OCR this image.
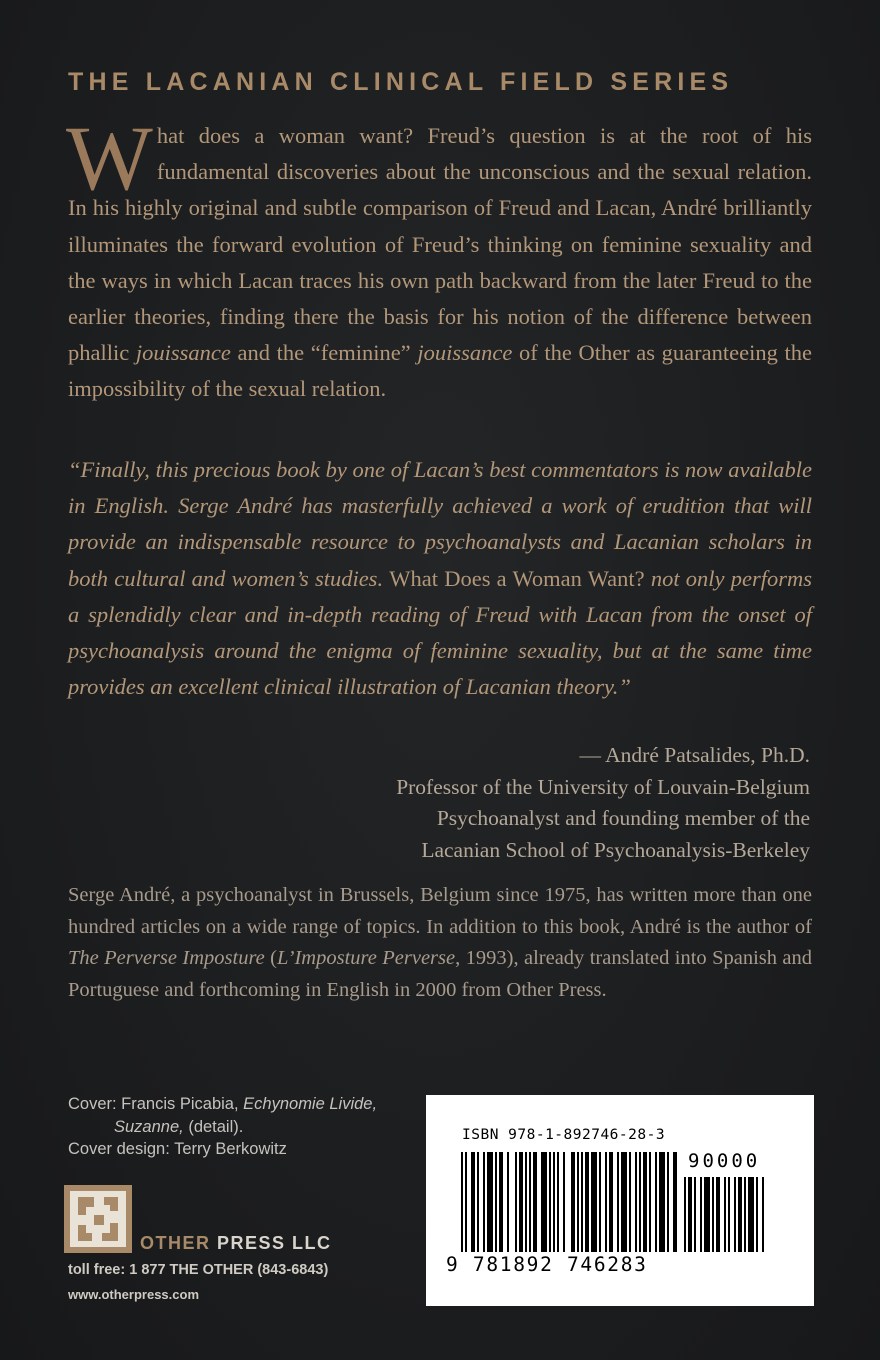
THE LACANIAN CLINICAL FIELD SERIES

What does a woman want? Freud’s question is at the root of his fundamental discoveries about the unconscious and the sexual relation. In his highly original and subtle comparison of Freud and Lacan, André brilliantly illuminates the forward evolution of Freud’s thinking on feminine sexuality and the ways in which Lacan traces his own path backward from the later Freud to the earlier theories, finding there the basis for his notion of the difference between phallic jouissance and the “feminine” jouissance of the Other as guaranteeing the impossibility of the sexual relation.

“Finally, this precious book by one of Lacan’s best commentators is now available in English. Serge André has masterfully achieved a work of erudition that will provide an indispensable resource to psychoanalysts and Lacanian scholars in both cultural and women’s studies. What Does a Woman Want? not only performs a splendidly clear and in-depth reading of Freud with Lacan from the onset of psychoanalysis around the enigma of feminine sexuality, but at the same time provides an excellent clinical illustration of Lacanian theory.”

— André Patsalides, Ph.D.
Professor of the University of Louvain-Belgium
Psychoanalyst and founding member of the
Lacanian School of Psychoanalysis-Berkeley

Serge André, a psychoanalyst in Brussels, Belgium since 1975, has written more than one hundred articles on a wide range of topics. In addition to this book, André is the author of The Perverse Imposture (L’Imposture Perverse, 1993), already translated into Spanish and Portuguese and forthcoming in English in 2000 from Other Press.

Cover: Francis Picabia, Echynomie Livide,
Suzanne, (detail).
Cover design: Terry Berkowitz
OTHER PRESS LLC
toll free: 1 877 THE OTHER (843-6843)
www.otherpress.com
ISBN 978-1-892746-28-3
90000
9 781892 746283
